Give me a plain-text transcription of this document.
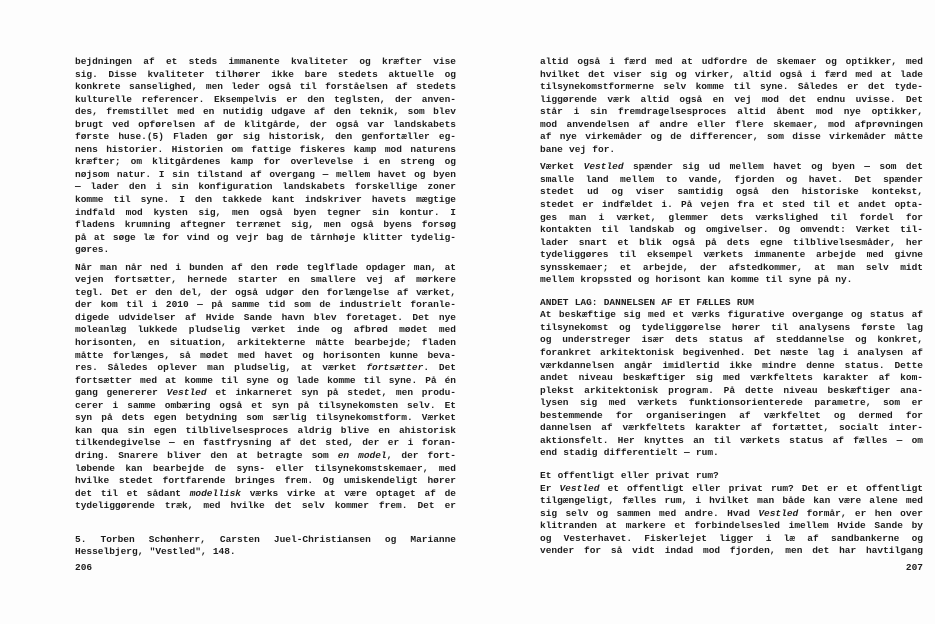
bejdningen af et steds immanente kvaliteter og kræfter vise
sig. Disse kvaliteter tilhører ikke bare stedets aktuelle og
konkrete sanselighed, men leder også til forståelsen af stedets
kulturelle referencer. Eksempelvis er den teglsten, der anven-
des, fremstillet med en nutidig udgave af den teknik, som blev
brugt ved opførelsen af de klitgårde, der også var landskabets
første huse.(5) Fladen gør sig historisk, den genfortæller eg-
nens historier. Historien om fattige fiskeres kamp mod naturens
kræfter; om klitgårdenes kamp for overlevelse i en streng og
nøjsom natur. I sin tilstand af overgang — mellem havet og byen
— lader den i sin konfiguration landskabets forskellige zoner
komme til syne. I den takkede kant indskriver havets mægtige
indfald mod kysten sig, men også byen tegner sin kontur. I
fladens krumning aftegner terrænet sig, men også byens forsøg
på at søge læ for vind og vejr bag de tårnhøje klitter tydelig-
gøres.
Når man når ned i bunden af den røde teglflade opdager man, at
vejen fortsætter, hernede starter en smallere vej af mørkere
tegl. Det er den del, der også udgør den forlængelse af værket,
der kom til i 2010 — på samme tid som de industrielt foranle-
digede udvidelser af Hvide Sande havn blev foretaget. Det nye
moleanlæg lukkede pludselig værket inde og afbrød mødet med
horisonten, en situation, arkitekterne måtte bearbejde; fladen
måtte forlænges, så mødet med havet og horisonten kunne beva-
res. Således oplever man pludselig, at værket fortsætter. Det
fortsætter med at komme til syne og lade komme til syne. På én
gang genererer Vestled et inkarneret syn på stedet, men produ-
cerer i samme ombæring også et syn på tilsynekomsten selv. Et
syn på dets egen betydning som særlig tilsynekomstform. Værket
kan qua sin egen tilblivelsesproces aldrig blive en ahistorisk
tilkendegivelse — en fastfrysning af det sted, der er i foran-
dring. Snarere bliver den at betragte som en model, der fort-
løbende kan bearbejde de syns- eller tilsynekomstskemaer, med
hvilke stedet fortfarende bringes frem. Og umiskendeligt hører
det til et sådant modellisk værks virke at være optaget af de
tydeliggørende træk, med hvilke det selv kommer frem. Det er
5. Torben Schønherr, Carsten Juel-Christiansen og Marianne
Hesselbjerg, "Vestled", 148.
206
altid også i færd med at udfordre de skemaer og optikker, med
hvilket det viser sig og virker, altid også i færd med at lade
tilsynekomstformerne selv komme til syne. Således er det tyde-
liggørende værk altid også en vej mod det endnu uvisse. Det
står i sin fremdragelsesproces altid åbent mod nye optikker,
mod anvendelsen af andre eller flere skemaer, mod afprøvningen
af nye virkemåder og de differencer, som disse virkemåder måtte
bane vej for.
Værket Vestled spænder sig ud mellem havet og byen — som det
smalle land mellem to vande, fjorden og havet. Det spænder
stedet ud og viser samtidig også den historiske kontekst,
stedet er indfældet i. På vejen fra et sted til et andet opta-
ges man i værket, glemmer dets værkslighed til fordel for
kontakten til landskab og omgivelser. Og omvendt: Værket til-
lader snart et blik også på dets egne tilblivelsesmåder, her
tydeliggøres til eksempel værkets immanente arbejde med givne
synsskemaer; et arbejde, der afstedkommer, at man selv midt
mellem kropssted og horisont kan komme til syne på ny.
ANDET LAG: DANNELSEN AF ET FÆLLES RUM
At beskæftige sig med et værks figurative overgange og status af
tilsynekomst og tydeliggørelse hører til analysens første lag
og understreger især dets status af steddannelse og konkret,
forankret arkitektonisk begivenhed. Det næste lag i analysen af
værkdannelsen angår imidlertid ikke mindre denne status. Dette
andet niveau beskæftiger sig med værkfeltets karakter af kom-
plekst arkitektonisk program. På dette niveau beskæftiger ana-
lysen sig med værkets funktionsorienterede parametre, som er
bestemmende for organiseringen af værkfeltet og dermed for
dannelsen af værkfeltets karakter af fortættet, socialt inter-
aktionsfelt. Her knyttes an til værkets status af fælles — om
end stadig differentielt — rum.
Et offentligt eller privat rum?
Er Vestled et offentligt eller privat rum? Det er et offentligt
tilgængeligt, fælles rum, i hvilket man både kan være alene med
sig selv og sammen med andre. Hvad Vestled formår, er hen over
klitranden at markere et forbindelsesled imellem Hvide Sande by
og Vesterhavet. Fiskerlejet ligger i læ af sandbankerne og
vender for så vidt indad mod fjorden, men det har havtilgang
207
